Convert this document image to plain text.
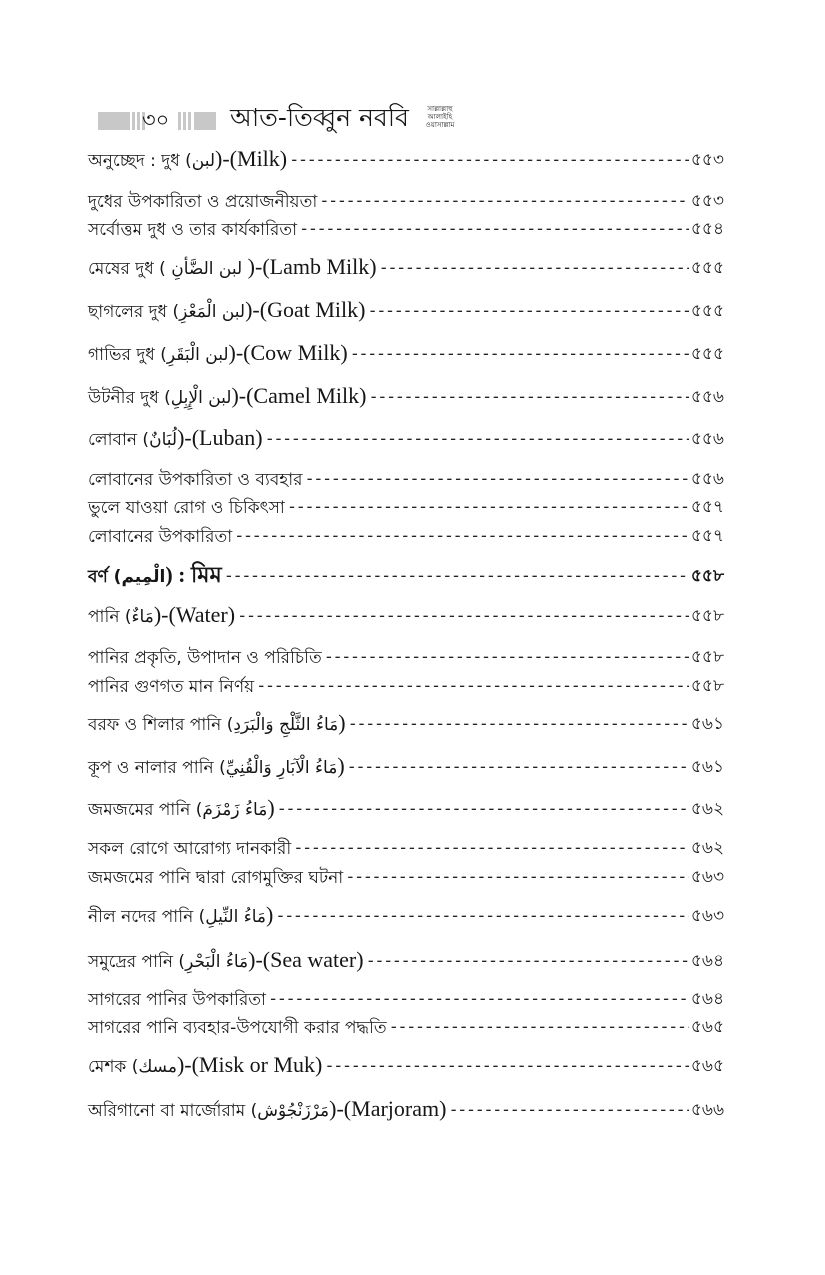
৩০ আত-তিব্বুন নববি	সাল্লাল্লাহু
আলাইহি
ওয়াসাল্লাম
অনুচ্ছেদ : দুধ (لبن)-(Milk) -----	৫৫৩
দুধের উপকারিতা ও প্রয়োজনীয়তা -----	৫৫৩
সর্বোত্তম দুধ ও তার কার্যকারিতা -----	৫৫৪
মেষের দুধ ( لبن الضَّأنِ )-(Lamb Milk) -----	৫৫৫
ছাগলের দুধ (لبن الْمَعْزِ)-(Goat Milk) -----	৫৫৫
গাভির দুধ (لبن الْبَقَرِ)-(Cow Milk) -----	৫৫৫
উটনীর দুধ (لبن الْإِبِلِ)-(Camel Milk) -----	৫৫৬
লোবান (لُبَانٌ)-(Luban) -----	৫৫৬
লোবানের উপকারিতা ও ব্যবহার -----	৫৫৬
ভুলে যাওয়া রোগ ও চিকিৎসা -----	৫৫৭
লোবানের উপকারিতা -----	৫৫৭
বর্ণ (الْمِيم) : মিম -----	৫৫৮
পানি (مَاءٌ)-(Water) -----	৫৫৮
পানির প্রকৃতি, উপাদান ও পরিচিতি -----	৫৫৮
পানির গুণগত মান নির্ণয় -----	৫৫৮
বরফ ও শিলার পানি (مَاءُ الثَّلْجِ وَالْبَرَدِ) -----	৫৬১
কূপ ও নালার পানি (مَاءُ الْآبَارِ وَالْقُنِيِّ) -----	৫৬১
জমজমের পানি (مَاءُ زَمْزَمَ) -----	৫৬২
সকল রোগে আরোগ্য দানকারী -----	৫৬২
জমজমের পানি দ্বারা রোগমুক্তির ঘটনা -----	৫৬৩
নীল নদের পানি (مَاءُ النِّيلِ) -----	৫৬৩
সমুদ্রের পানি (مَاءُ الْبَحْرِ)-(Sea water) -----	৫৬৪
সাগরের পানির উপকারিতা -----	৫৬৪
সাগরের পানি ব্যবহার-উপযোগী করার পদ্ধতি -----	৫৬৫
মেশক (مسك)-(Misk or Muk) -----	৫৬৫
অরিগানো বা মার্জোরাম (مَرْزَنْجُوْش)-(Marjoram) -----	৫৬৬
